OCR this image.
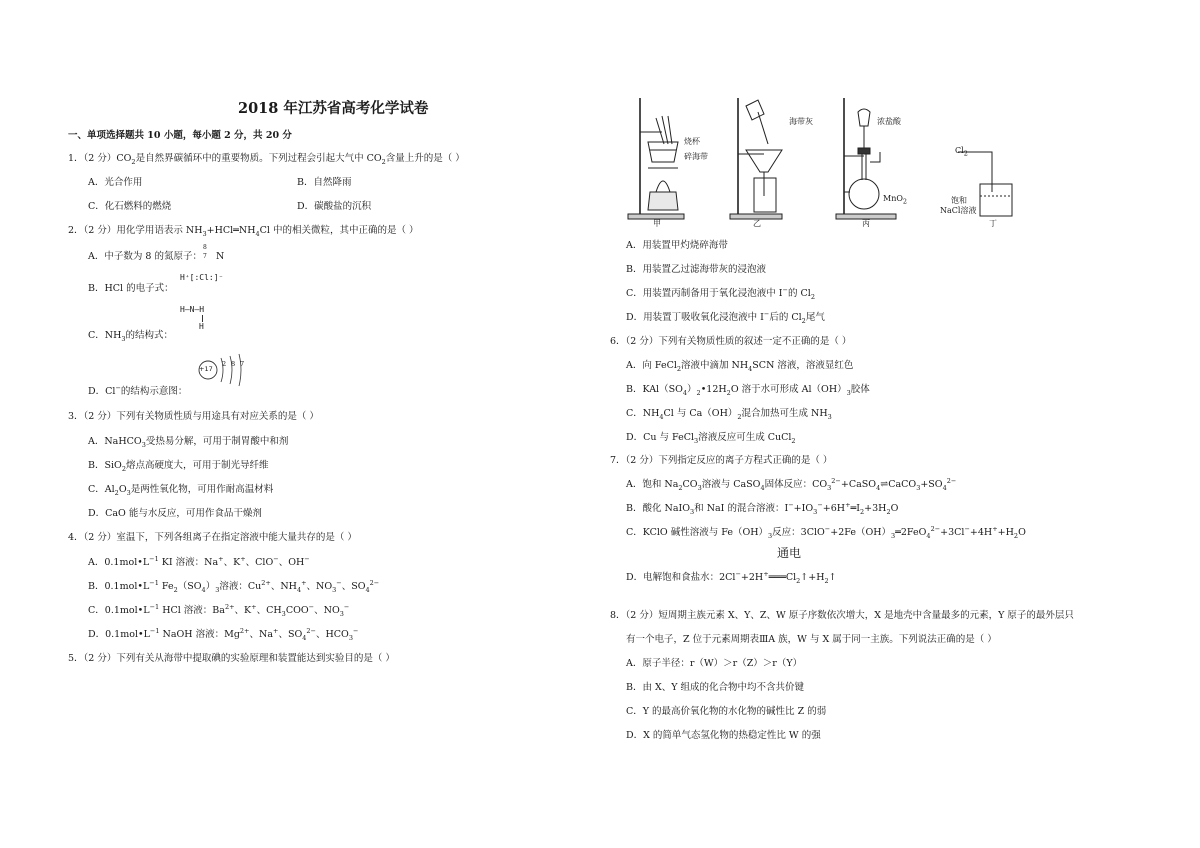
2018 年江苏省高考化学试卷
一、单项选择题共 10 小题，每小题 2 分，共 20 分
1．（2 分）$CO_2$是自然界碳循环中的重要物质。下列过程会引起大气中 $CO_2$含量上升的是（ ）
A．光合作用	B．自然降雨
C．化石燃料的燃烧	D．碳酸盐的沉积
2．（2 分）用化学用语表示 $NH_3+HCl═NH_4Cl$ 中的相关微粒，其中正确的是（ ）
A．中子数为 8 的氮原子：
8
7 N
B．HCl 的电子式：
H⁺[:Cl:]⁻
H—N—H
H
C．$NH_3$的结构式：
+17
2 8 7
D．Cl−的结构示意图：
3．（2 分）下列有关物质性质与用途具有对应关系的是（ ）
A．NaHCO$_3$受热易分解，可用于制胃酸中和剂
B．SiO$_2$熔点高硬度大，可用于制光导纤维
C．$Al_2O_3$是两性氧化物，可用作耐高温材料
D．CaO 能与水反应，可用作食品干燥剂
4．（2 分）室温下，下列各组离子在指定溶液中能大量共存的是（ ）
A．$0.1mol•L^{-1}$ KI 溶液：Na+、K+、ClO−、OH−
B．$0.1mol•L^{-1}$ $Fe_2(SO_4)_3$溶液：$Cu^{2+}$、$NH_4^+$、$NO_3^-$、$SO_4^{2-}$
C．$0.1mol•L^{-1}$ HCl 溶液：$Ba^{2+}$、K+、$CH_3COO^-$、$NO_3^-$
D．$0.1mol•L^{-1}$ NaOH 溶液：$Mg^{2+}$、Na+、$SO_4^{2-}$、$HCO_3^-$
5．（2 分）下列有关从海带中提取碘的实验原理和装置能达到实验目的是（ ）
烧杯
碎海带
海带灰	浓盐酸
MnO$_2$
$Cl_2$
饱和
NaCl溶液
甲	乙	丙	丁
A．用装置甲灼烧碎海带
B．用装置乙过滤海带灰的浸泡液
C．用装置丙制备用于氧化浸泡液中 I−的 $Cl_2$
D．用装置丁吸收氧化浸泡液中 I−后的 $Cl_2$尾气
6．（2 分）下列有关物质性质的叙述一定不正确的是（ ）
A．向 FeCl$_2$溶液中滴加 $NH_4SCN$ 溶液，溶液显红色
B．$KAl(SO_4)_2•12H_2O$ 溶于水可形成 $Al(OH)_3$胶体
C．$NH_4Cl$ 与 $Ca(OH)_2$混合加热可生成 $NH_3$
D．Cu 与 FeCl$_3$溶液反应可生成 CuCl$_2$
7．（2 分）下列指定反应的离子方程式正确的是（ ）
A．饱和 $Na_2CO_3$溶液与 CaSO$_4$固体反应：$CO_3^{2-}+CaSO_4\rightleftharpoons CaCO_3+SO_4^{2-}$
B．酸化 NaIO$_3$和 NaI 的混合溶液：$I^-+IO_3^-+6H^+═I_2+3H_2O$
C．KClO 碱性溶液与 $Fe(OH)_3$反应：$3ClO^-+2Fe(OH)_3═2FeO_4^{2-}+3Cl^-+4H^++H_2O$
通电
D．电解饱和食盐水：$2Cl^-+2H^+═══Cl_2↑+H_2↑$
8．（2 分）短周期主族元素 X、Y、Z、W 原子序数依次增大，X 是地壳中含量最多的元素，Y 原子的最外层只
有一个电子，Z 位于元素周期表ⅢA 族，W 与 X 属于同一主族。下列说法正确的是（ ）
A．原子半径：r（W）＞r（Z）＞r（Y）
B．由 X、Y 组成的化合物中均不含共价键
C．Y 的最高价氧化物的水化物的碱性比 Z 的弱
D．X 的简单气态氢化物的热稳定性比 W 的强
